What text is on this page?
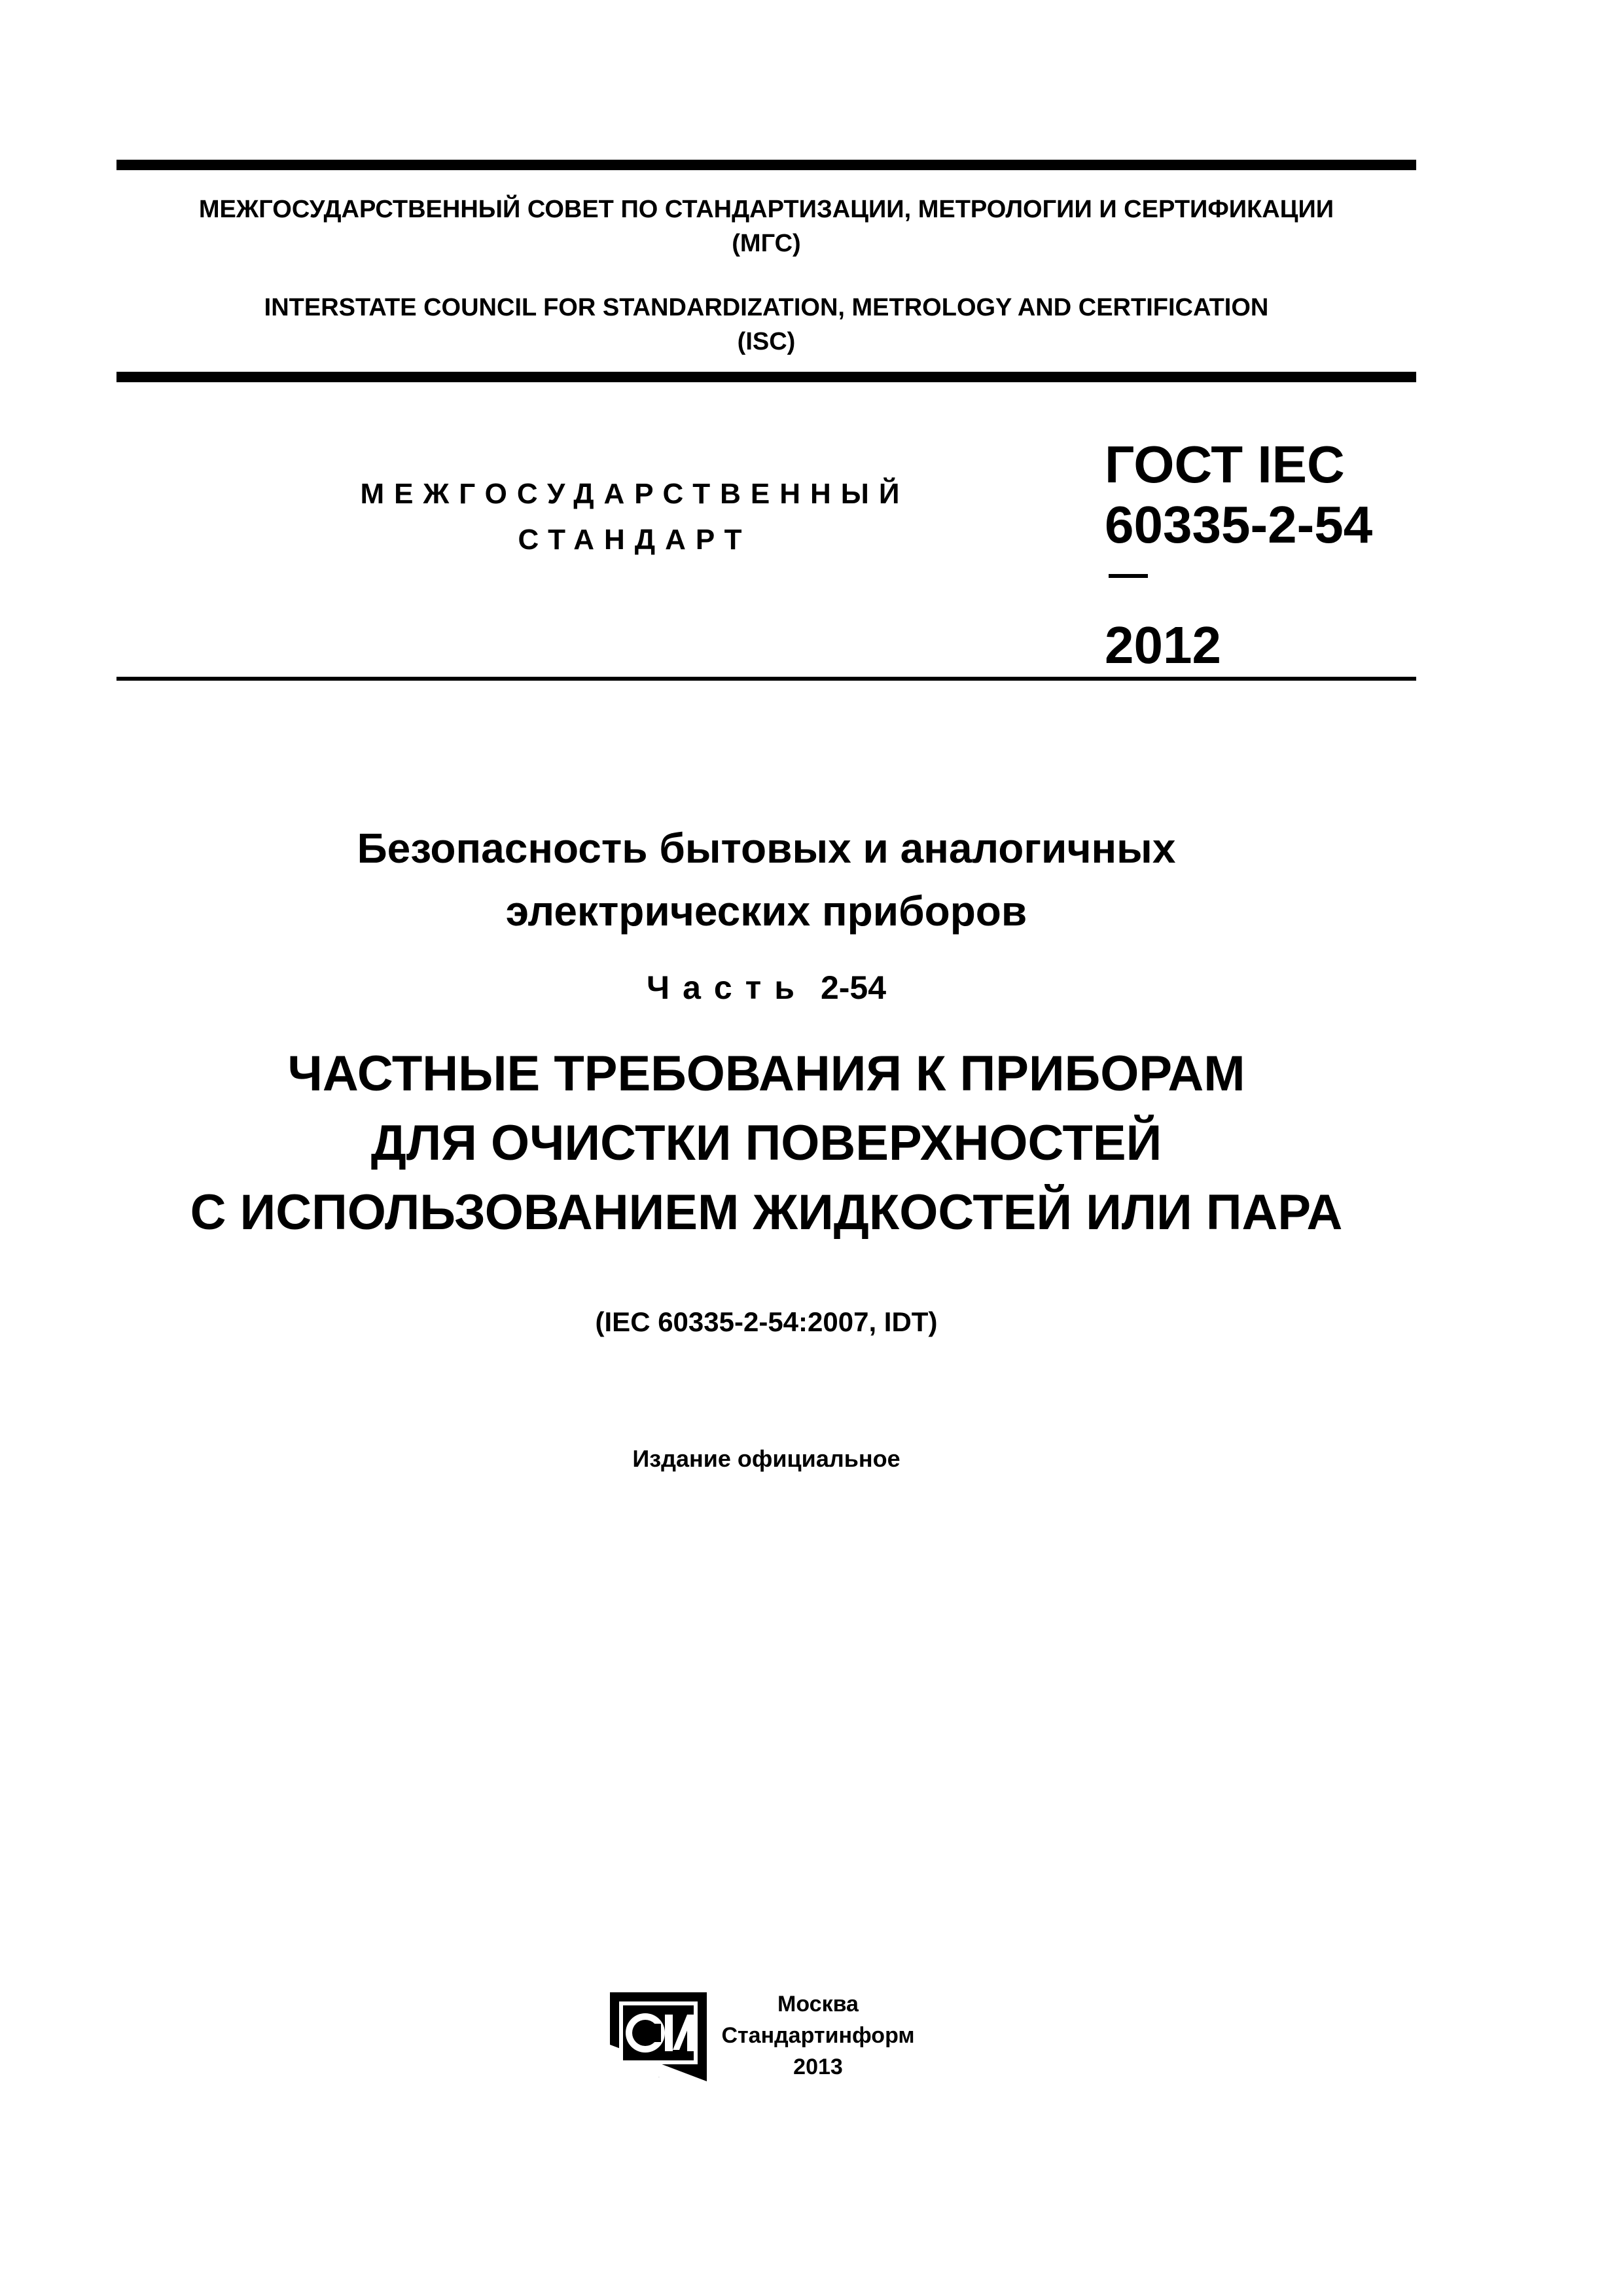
МЕЖГОСУДАРСТВЕННЫЙ СОВЕТ ПО СТАНДАРТИЗАЦИИ, МЕТРОЛОГИИ И СЕРТИФИКАЦИИ
(МГС)
INTERSTATE COUNCIL FOR STANDARDIZATION, METROLOGY AND CERTIFICATION
(ISC)
МЕЖГОСУДАРСТВЕННЫЙ
СТАНДАРТ
ГОСТ IEC
60335-2-54
2012
Безопасность бытовых и аналогичных
электрических приборов
Часть 2-54
ЧАСТНЫЕ ТРЕБОВАНИЯ К ПРИБОРАМ
ДЛЯ ОЧИСТКИ ПОВЕРХНОСТЕЙ
С ИСПОЛЬЗОВАНИЕМ ЖИДКОСТЕЙ ИЛИ ПАРА
(IEC 60335-2-54:2007, IDT)
Издание официальное
СИ
Москва
Стандартинформ
2013
